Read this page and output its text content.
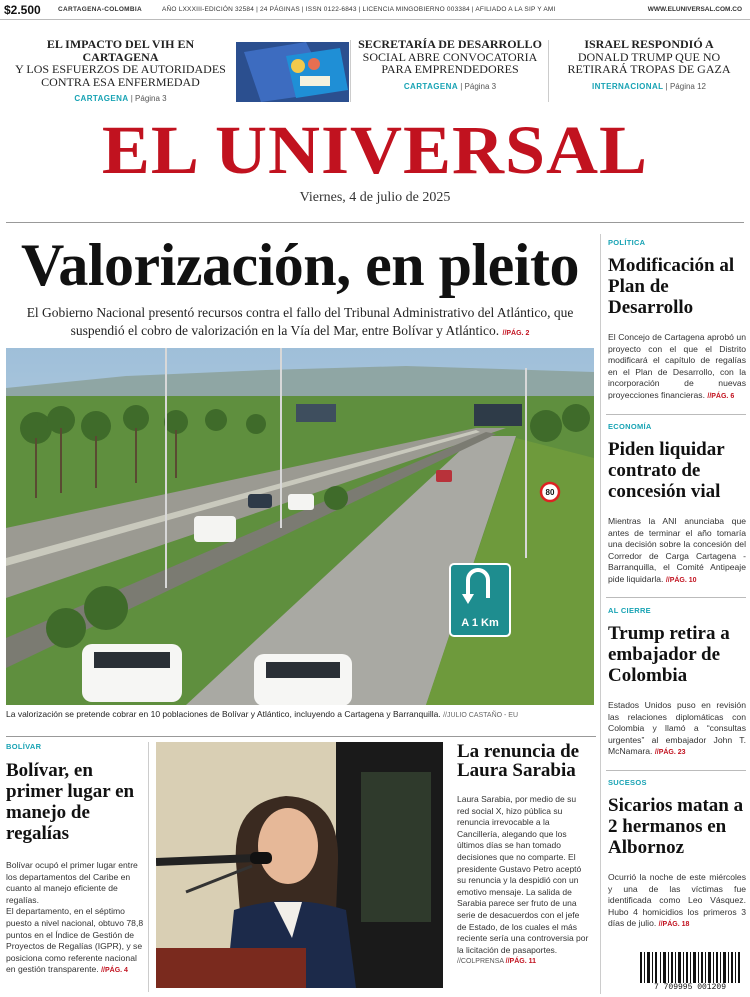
$2.500	CARTAGENA-COLOMBIA	AÑO LXXXIII-EDICIÓN 32584 | 24 PÁGINAS | ISSN 0122-6843 | LICENCIA MINGOBIERNO 003384 | AFILIADO A LA SIP Y AMI	WWW.ELUNIVERSAL.COM.CO
EL IMPACTO DEL VIH EN CARTAGENA
Y LOS ESFUERZOS DE AUTORIDADES CONTRA ESA ENFERMEDAD
CARTAGENA | Página 3
SECRETARÍA DE DESARROLLO
SOCIAL ABRE CONVOCATORIA PARA EMPRENDEDORES
CARTAGENA | Página 3
ISRAEL RESPONDIÓ A
DONALD TRUMP QUE NO RETIRARÁ TROPAS DE GAZA
INTERNACIONAL | Página 12
EL UNIVERSAL
Viernes, 4 de julio de 2025
Valorización, en pleito
El Gobierno Nacional presentó recursos contra el fallo del Tribunal Administrativo del Atlántico, que suspendió el cobro de valorización en la Vía del Mar, entre Bolívar y Atlántico. //PÁG. 2
A 1 Km
80
La valorización se pretende cobrar en 10 poblaciones de Bolívar y Atlántico, incluyendo a Cartagena y Barranquilla. //JULIO CASTAÑO - EU
POLÍTICA
Modificación al Plan de Desarrollo

El Concejo de Cartagena aprobó un proyecto con el que el Distrito modificará el capítulo de regalías en el Plan de Desarrollo, con la incorporación de nuevas proyecciones financieras. //PÁG. 6

ECONOMÍA
Piden liquidar contrato de concesión vial

Mientras la ANI anunciaba que antes de terminar el año tomaría una decisión sobre la concesión del Corredor de Carga Cartagena - Barranquilla, el Comité Antipeaje pide liquidarla. //PÁG. 10

AL CIERRE
Trump retira a embajador de Colombia

Estados Unidos puso en revisión las relaciones diplomáticas con Colombia y llamó a “consultas urgentes” al embajador John T. McNamara. //PÁG. 23

SUCESOS
Sicarios matan a 2 hermanos en Albornoz

Ocurrió la noche de este miércoles y una de las víctimas fue identificada como Leo Vásquez. Hubo 4 homicidios los primeros 3 días de julio. //PÁG. 18

BOLÍVAR
Bolívar, en primer lugar en manejo de regalías

Bolívar ocupó el primer lugar entre los departamentos del Caribe en cuanto al manejo eficiente de regalías.

El departamento, en el séptimo puesto a nivel nacional, obtuvo 78,8 puntos en el Índice de Gestión de Proyectos de Regalías (IGPR), y se posiciona como referente nacional en gestión transparente. //PÁG. 4

La renuncia de Laura Sarabia

Laura Sarabia, por medio de su red social X, hizo pública su renuncia irrevocable a la Cancillería, alegando que los últimos días se han tomado decisiones que no comparte. El presidente Gustavo Petro aceptó su renuncia y la despidió con un emotivo mensaje. La salida de Sarabia parece ser fruto de una serie de desacuerdos con el jefe de Estado, de los cuales el más reciente sería una controversia por la licitación de pasaportes.

//COLPRENSA //PÁG. 11
7 709995 001209
